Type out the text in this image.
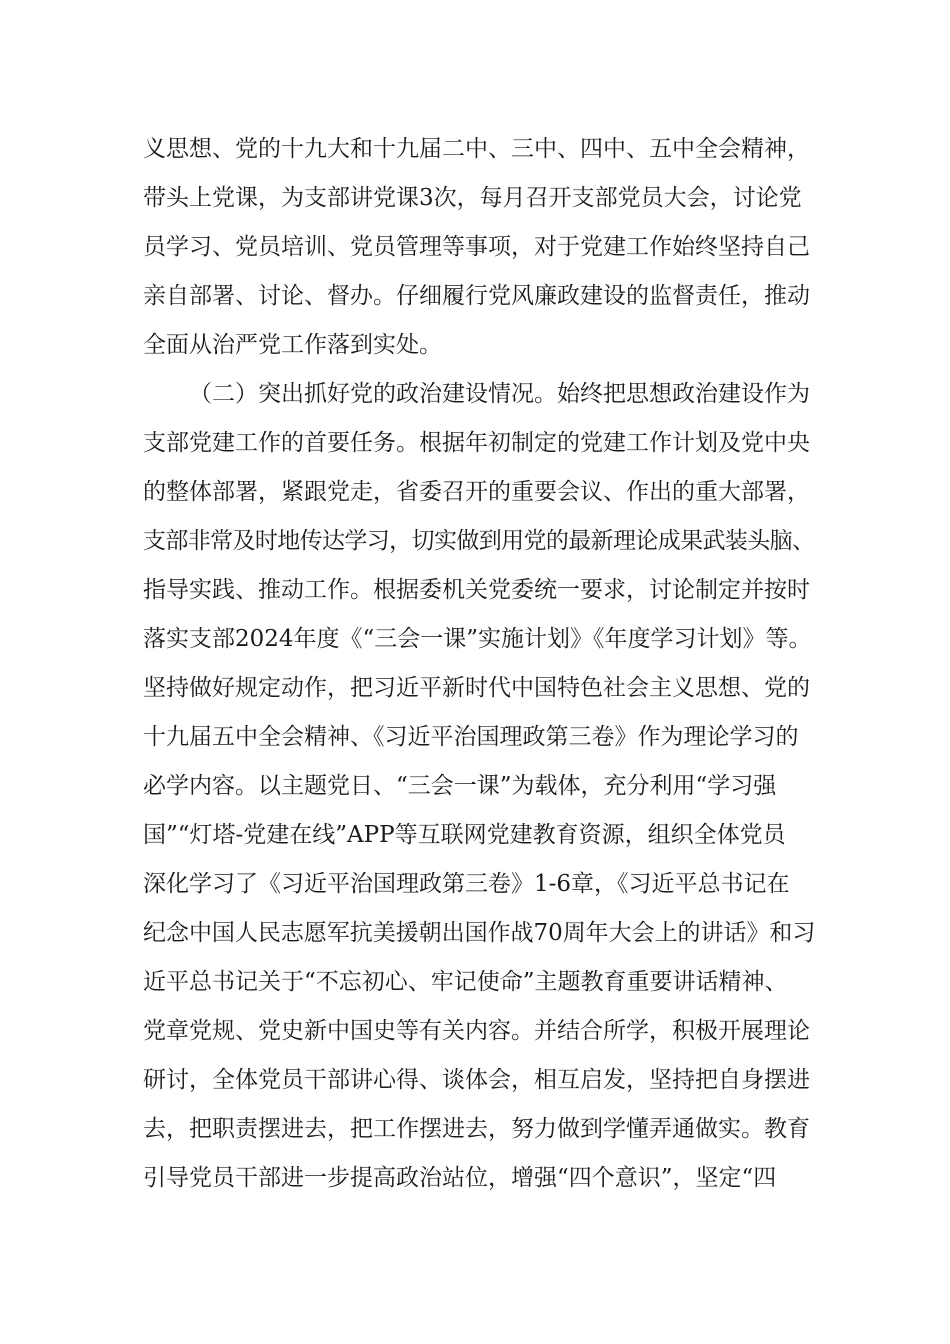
义思想、党的十九大和十九届二中、三中、四中、五中全会精神，
带头上党课，为支部讲党课3次，每月召开支部党员大会，讨论党
员学习、党员培训、党员管理等事项，对于党建工作始终坚持自己
亲自部署、讨论、督办。仔细履行党风廉政建设的监督责任，推动
全面从治严党工作落到实处。
（二）突出抓好党的政治建设情况。始终把思想政治建设作为
支部党建工作的首要任务。根据年初制定的党建工作计划及党中央
的整体部署，紧跟党走，省委召开的重要会议、作出的重大部署，
支部非常及时地传达学习，切实做到用党的最新理论成果武装头脑、
指导实践、推动工作。根据委机关党委统一要求，讨论制定并按时
落实支部2024年度《“三会一课”实施计划》《年度学习计划》等。
坚持做好规定动作，把习近平新时代中国特色社会主义思想、党的
十九届五中全会精神、《习近平治国理政第三卷》作为理论学习的
必学内容。以主题党日、“三会一课”为载体，充分利用“学习强
国”“灯塔-党建在线”APP等互联网党建教育资源，组织全体党员
深化学习了《习近平治国理政第三卷》1-6章，《习近平总书记在
纪念中国人民志愿军抗美援朝出国作战70周年大会上的讲话》和习
近平总书记关于“不忘初心、牢记使命”主题教育重要讲话精神、
党章党规、党史新中国史等有关内容。并结合所学，积极开展理论
研讨，全体党员干部讲心得、谈体会，相互启发，坚持把自身摆进
去，把职责摆进去，把工作摆进去，努力做到学懂弄通做实。教育
引导党员干部进一步提高政治站位，增强“四个意识”，坚定“四
